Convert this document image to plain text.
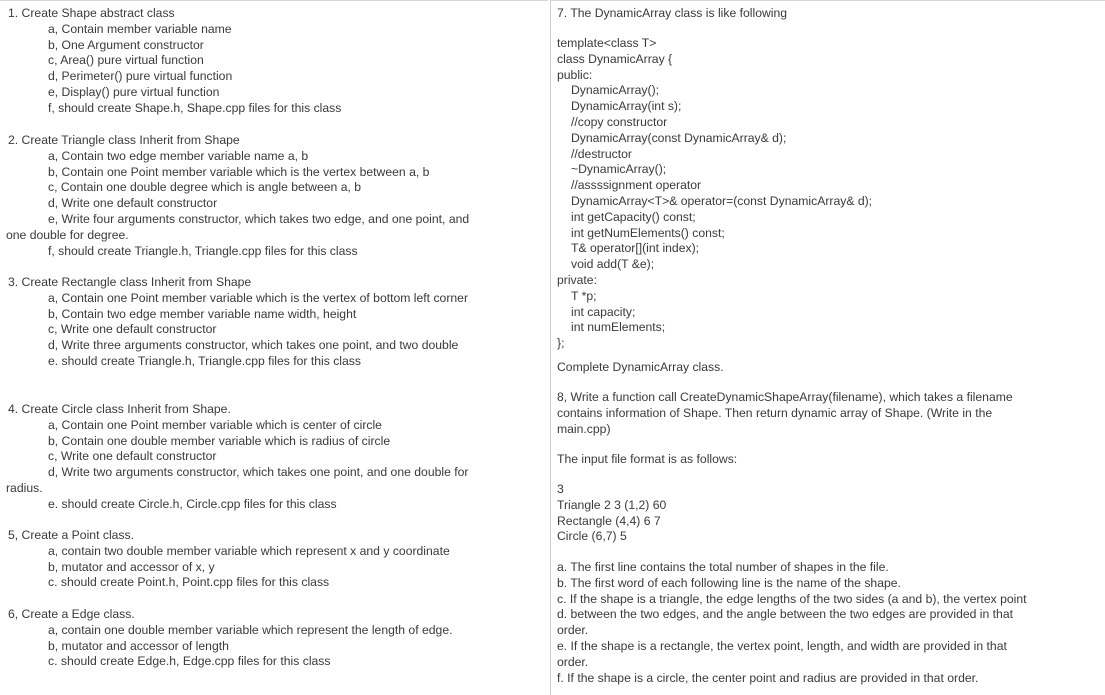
1. Create Shape abstract class
a, Contain member variable name
b, One Argument constructor
c, Area() pure virtual function
d, Perimeter() pure virtual function
e, Display() pure virtual function
f, should create Shape.h, Shape.cpp files for this class
2. Create Triangle class Inherit from Shape
a, Contain two edge member variable name a, b
b, Contain one Point member variable which is the vertex between a, b
c, Contain one double degree which is angle between a, b
d, Write one default constructor
e, Write four arguments constructor, which takes two edge, and one point, and
one double for degree.
f, should create Triangle.h, Triangle.cpp files for this class
3. Create Rectangle class Inherit from Shape
a, Contain one Point member variable which is the vertex of bottom left corner
b, Contain two edge member variable name width, height
c, Write one default constructor
d, Write three arguments constructor, which takes one point, and two double
e. should create Triangle.h, Triangle.cpp files for this class
4. Create Circle class Inherit from Shape.
a, Contain one Point member variable which is center of circle
b, Contain one double member variable which is radius of circle
c, Write one default constructor
d, Write two arguments constructor, which takes one point, and one double for
radius.
e. should create Circle.h, Circle.cpp files for this class
5, Create a Point class.
a, contain two double member variable which represent x and y coordinate
b, mutator and accessor of x, y
c. should create Point.h, Point.cpp files for this class
6, Create a Edge class.
a, contain one double member variable which represent the length of edge.
b, mutator and accessor of length
c. should create Edge.h, Edge.cpp files for this class
7. The DynamicArray class is like following
template<class T>
class DynamicArray {
public:
DynamicArray();
DynamicArray(int s);
//copy constructor
DynamicArray(const DynamicArray& d);
//destructor
~DynamicArray();
//assssignment operator
DynamicArray<T>& operator=(const DynamicArray& d);
int getCapacity() const;
int getNumElements() const;
T& operator[](int index);
void add(T &e);
private:
T *p;
int capacity;
int numElements;
};
Complete DynamicArray class.
8, Write a function call CreateDynamicShapeArray(filename), which takes a filename
contains information of Shape. Then return dynamic array of Shape. (Write in the
main.cpp)
The input file format is as follows:
3
Triangle 2 3 (1,2) 60
Rectangle (4,4) 6 7
Circle (6,7) 5
a. The first line contains the total number of shapes in the file.
b. The first word of each following line is the name of the shape.
c. If the shape is a triangle, the edge lengths of the two sides (a and b), the vertex point
d. between the two edges, and the angle between the two edges are provided in that
order.
e. If the shape is a rectangle, the vertex point, length, and width are provided in that
order.
f. If the shape is a circle, the center point and radius are provided in that order.
